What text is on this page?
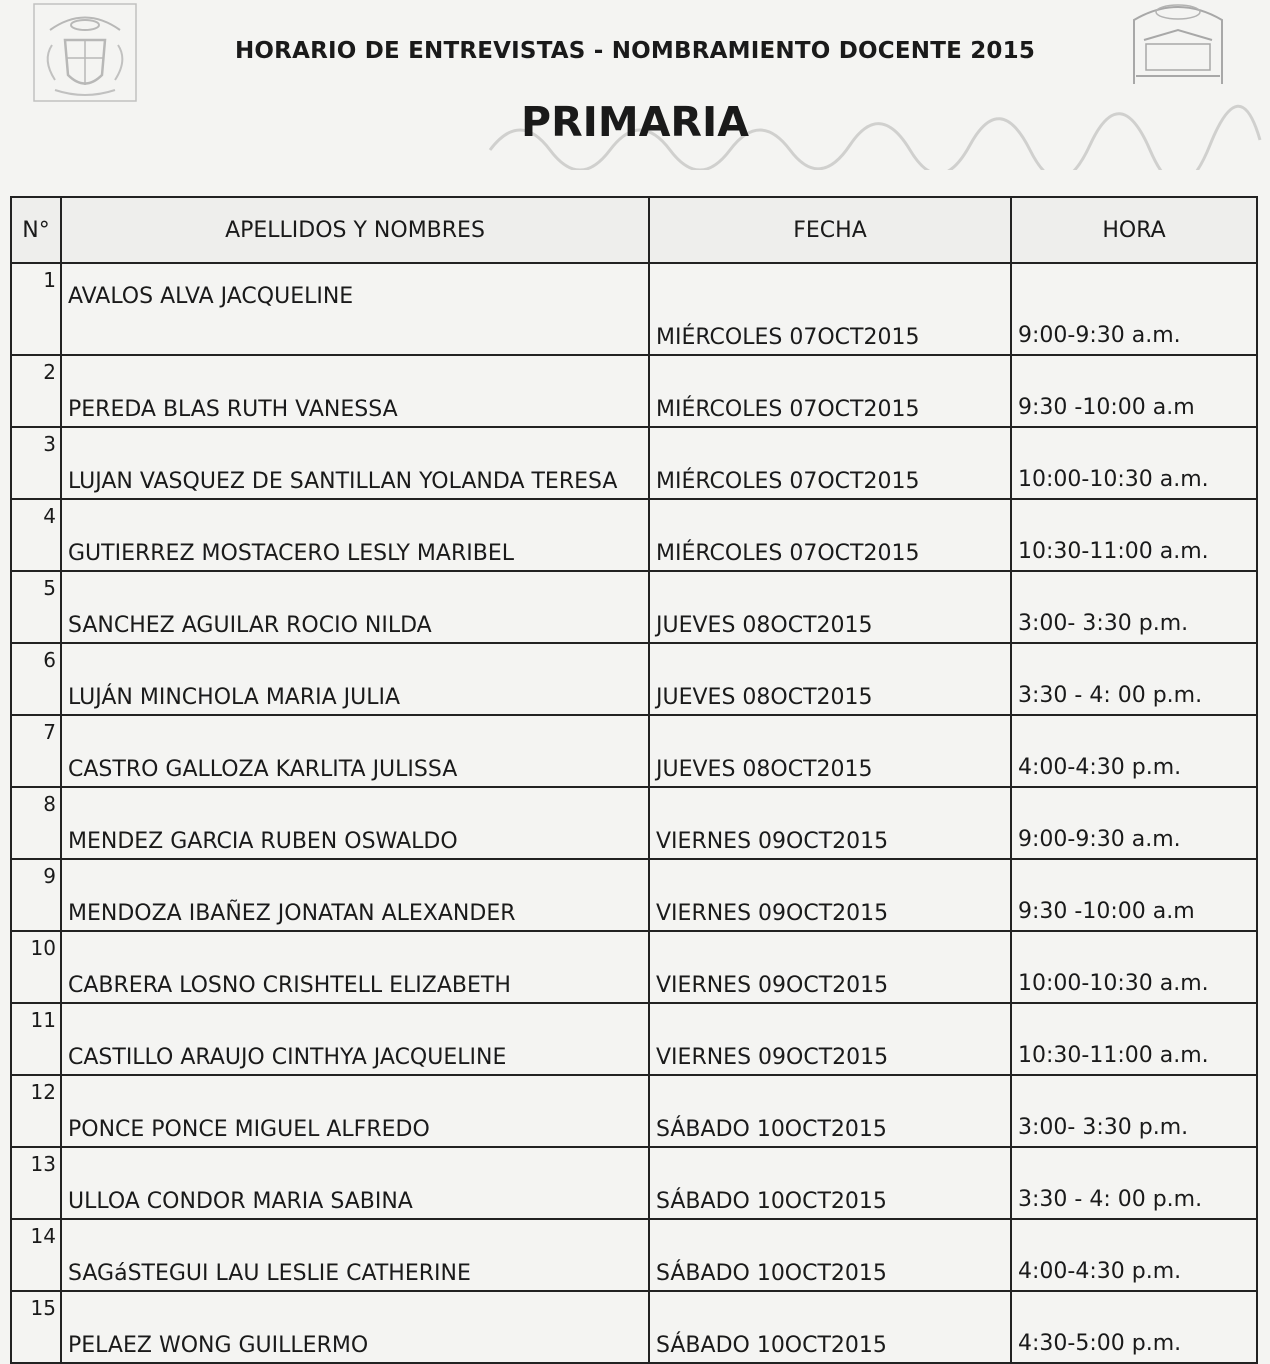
HORARIO DE ENTREVISTAS - NOMBRAMIENTO DOCENTE 2015
PRIMARIA
N°	APELLIDOS Y NOMBRES	FECHA	HORA
1	AVALOS ALVA JACQUELINE	MIÉRCOLES 07OCT2015	9:00-9:30 a.m.
2	PEREDA BLAS RUTH VANESSA	MIÉRCOLES 07OCT2015	9:30 -10:00 a.m
3	LUJAN VASQUEZ DE SANTILLAN YOLANDA TERESA	MIÉRCOLES 07OCT2015	10:00-10:30 a.m.
4	GUTIERREZ MOSTACERO LESLY MARIBEL	MIÉRCOLES 07OCT2015	10:30-11:00 a.m.
5	SANCHEZ AGUILAR ROCIO NILDA	JUEVES 08OCT2015	3:00- 3:30 p.m.
6	LUJÁN MINCHOLA MARIA JULIA	JUEVES 08OCT2015	3:30 - 4: 00 p.m.
7	CASTRO GALLOZA KARLITA JULISSA	JUEVES 08OCT2015	4:00-4:30 p.m.
8	MENDEZ GARCIA RUBEN OSWALDO	VIERNES 09OCT2015	9:00-9:30 a.m.
9	MENDOZA IBAÑEZ JONATAN ALEXANDER	VIERNES 09OCT2015	9:30 -10:00 a.m
10	CABRERA LOSNO CRISHTELL ELIZABETH	VIERNES 09OCT2015	10:00-10:30 a.m.
11	CASTILLO ARAUJO CINTHYA JACQUELINE	VIERNES 09OCT2015	10:30-11:00 a.m.
12	PONCE PONCE MIGUEL ALFREDO	SÁBADO 10OCT2015	3:00- 3:30 p.m.
13	ULLOA CONDOR MARIA SABINA	SÁBADO 10OCT2015	3:30 - 4: 00 p.m.
14	SAGáSTEGUI LAU LESLIE CATHERINE	SÁBADO 10OCT2015	4:00-4:30 p.m.
15	PELAEZ WONG GUILLERMO	SÁBADO 10OCT2015	4:30-5:00 p.m.
